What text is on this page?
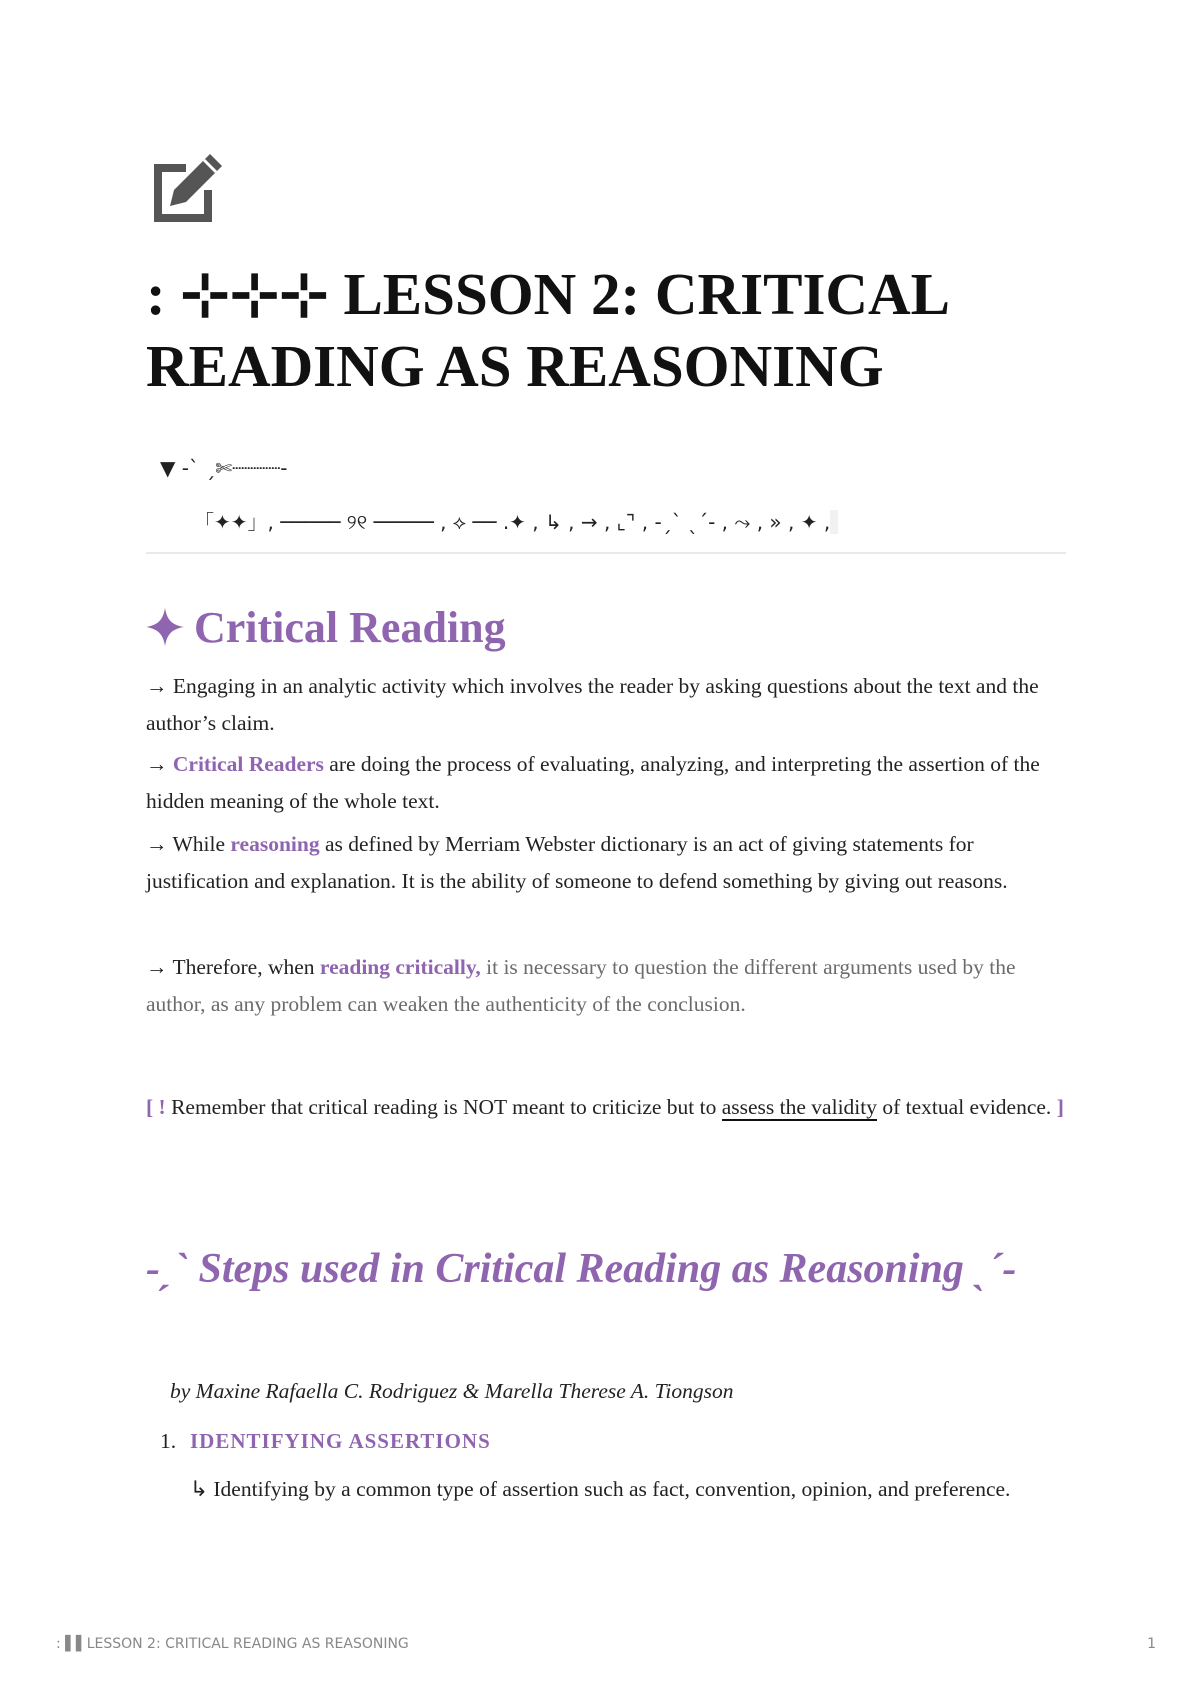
: ⊹⊹⊹ LESSON 2: CRITICAL READING AS REASONING
▼ -ˋ ˏ✄┈┈┈┈-
「✦✦」, ───── ୨୧ ───── , ⟡ ── .✦ , ↳ , → , ⌞⌝ , -ˏˋ ˎˊ- , ⤳ , » , ✦ ,
Critical Reading

→ Engaging in an analytic activity which involves the reader by asking questions about the text and the author’s claim.

→ Critical Readers are doing the process of evaluating, analyzing, and interpreting the assertion of the hidden meaning of the whole text.

→ While reasoning as defined by Merriam Webster dictionary is an act of giving statements for justification and explanation. It is the ability of someone to defend something by giving out reasons.

→ Therefore, when reading critically, it is necessary to question the different arguments used by the author, as any problem can weaken the authenticity of the conclusion.

[ ! Remember that critical reading is NOT meant to criticize but to assess the validity of textual evidence. ]

-ˏˋ Steps used in Critical Reading as Reasoning ˎˊ-

by Maxine Rafaella C. Rodriguez & Marella Therese A. Tiongson

1. IDENTIFYING ASSERTIONS

↳ Identifying by a common type of assertion such as fact, convention, opinion, and preference.

: ▌▌LESSON 2: CRITICAL READING AS REASONING	1
